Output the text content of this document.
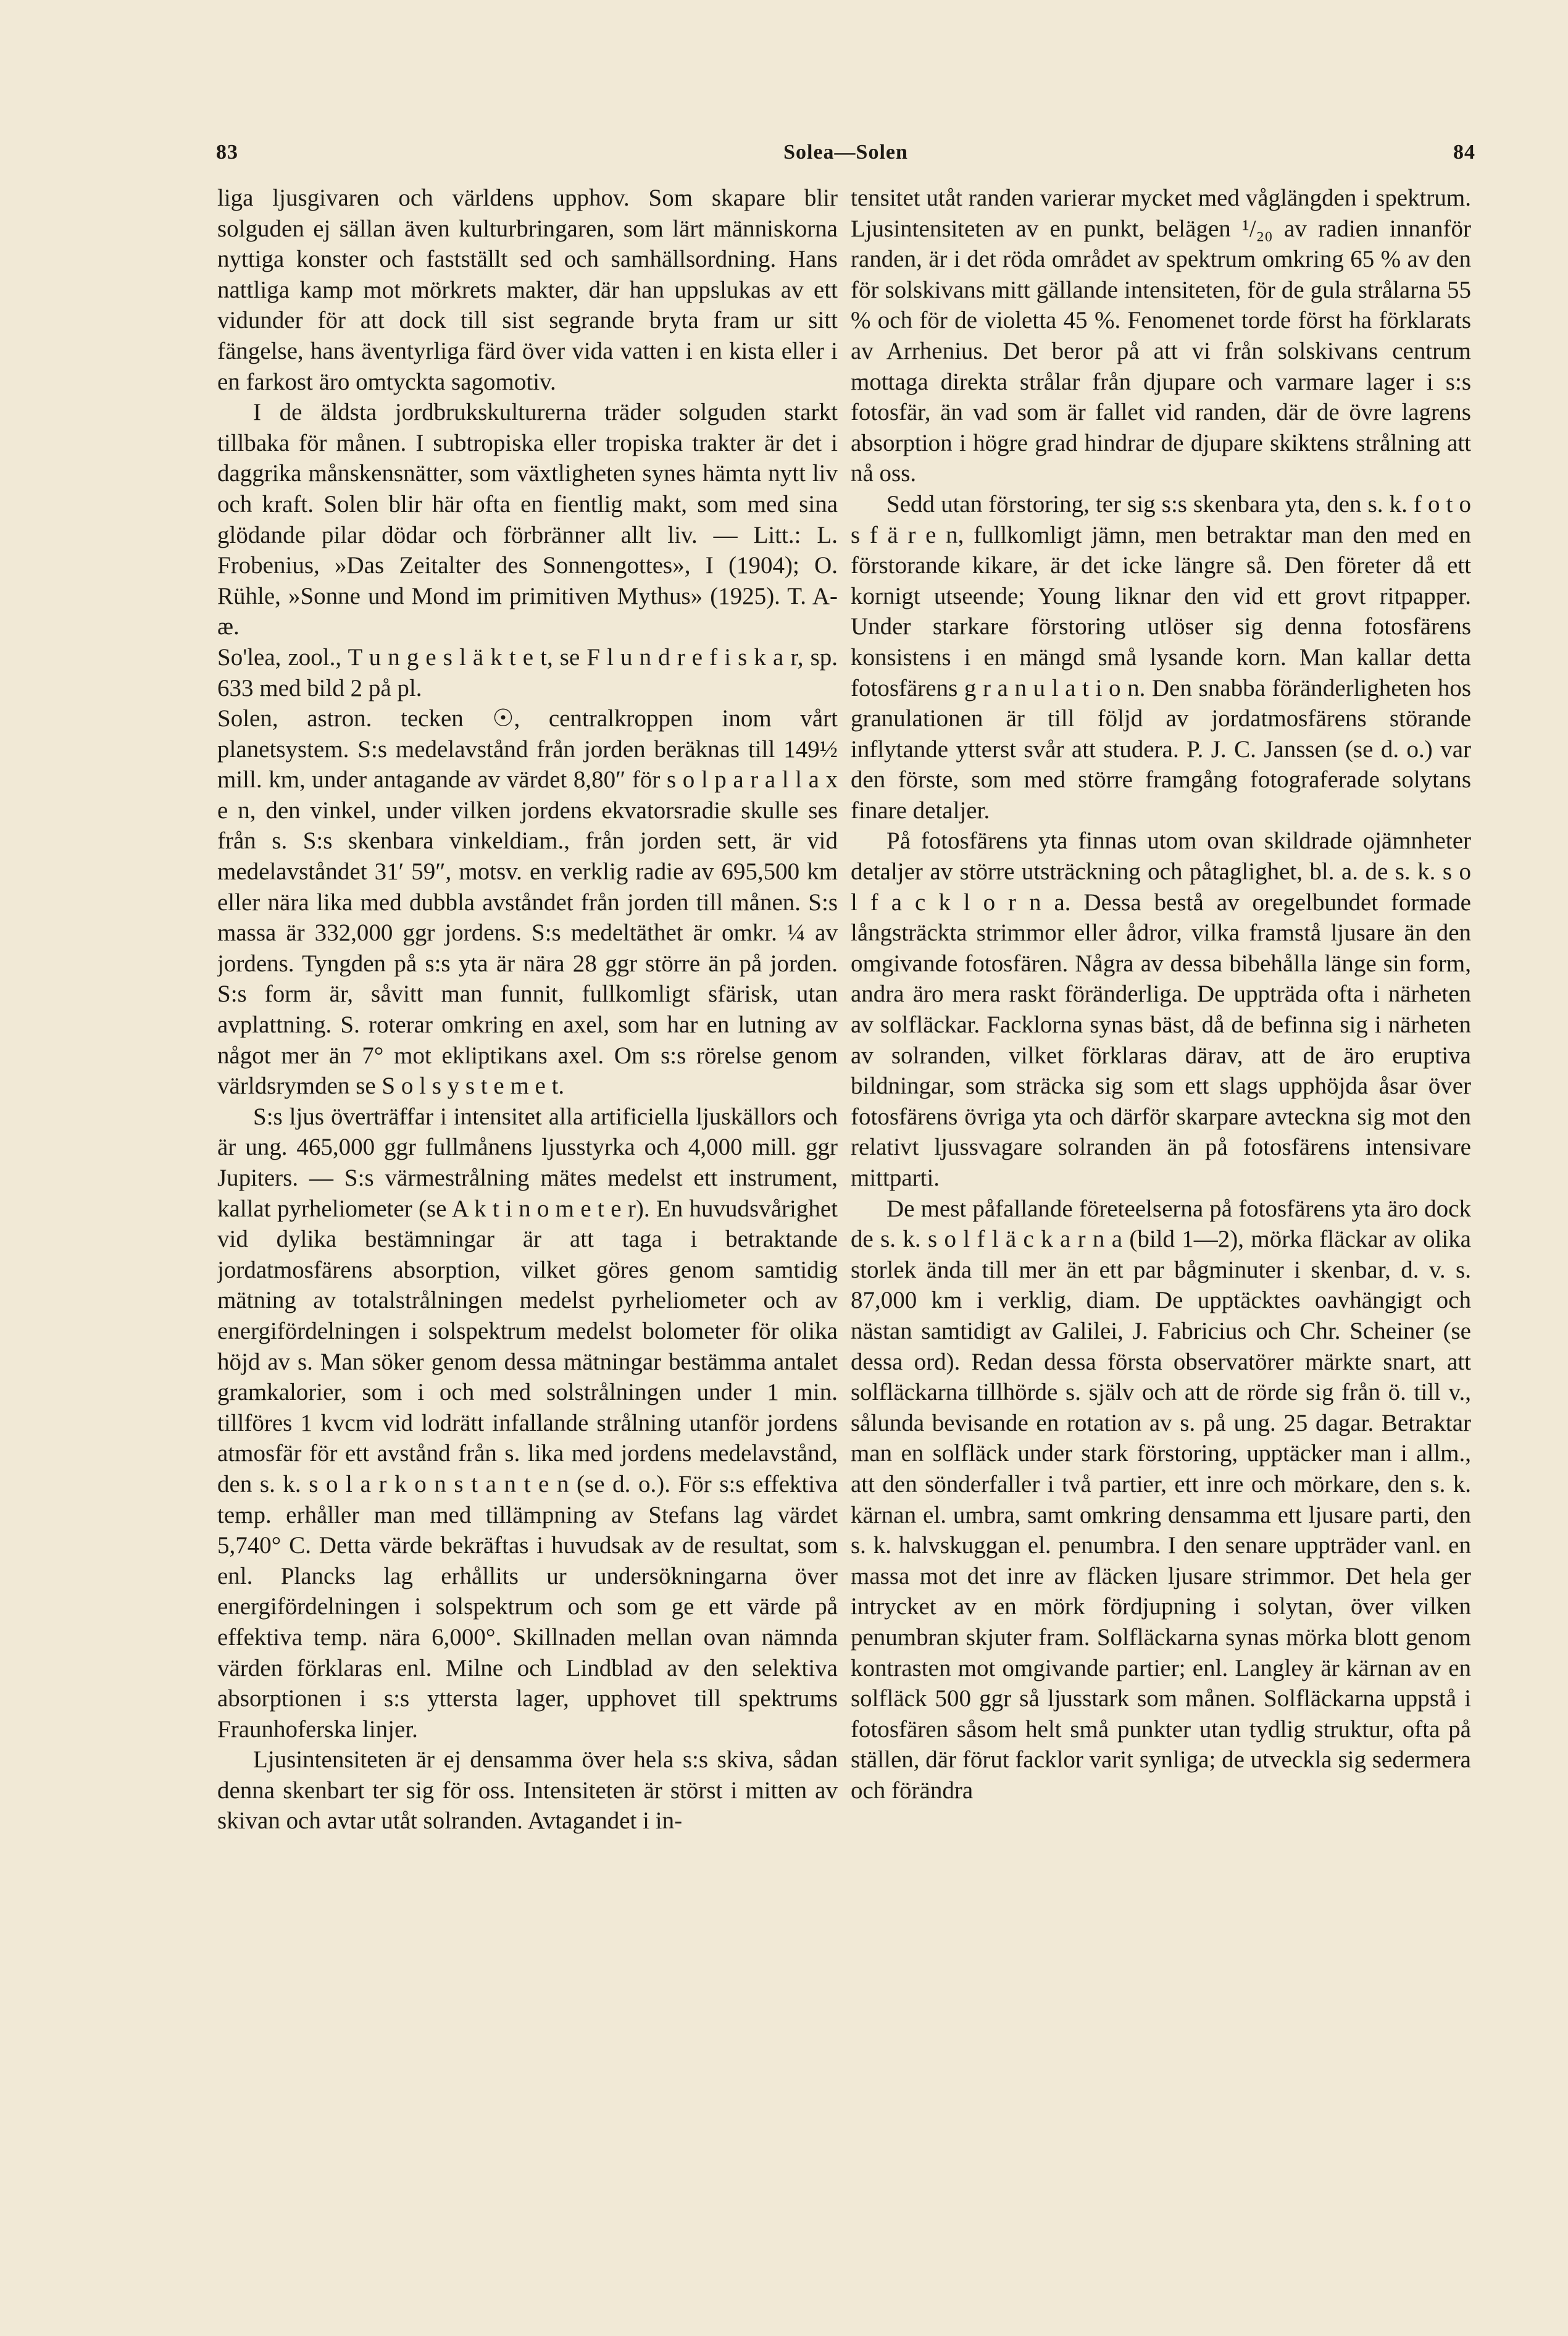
83	Solea—Solen	84

liga ljusgivaren och världens upphov. Som skapare blir solguden ej sällan även kulturbringaren, som lärt människorna nyttiga konster och fastställt sed och samhällsordning. Hans nattliga kamp mot mörkrets makter, där han uppslukas av ett vidunder för att dock till sist segrande bryta fram ur sitt fängelse, hans äventyrliga färd över vida vatten i en kista eller i en farkost äro omtyckta sagomotiv.

I de äldsta jordbrukskulturerna träder solguden starkt tillbaka för månen. I subtropiska eller tropiska trakter är det i daggrika månskensnätter, som växtligheten synes hämta nytt liv och kraft. Solen blir här ofta en fientlig makt, som med sina glödande pilar dödar och förbränner allt liv. — Litt.: L. Frobenius, »Das Zeitalter des Sonnengottes», I (1904); O. Rühle, »Sonne und Mond im primitiven Mythus» (1925). T. A-æ.

So'lea, zool., T u n g e s l ä k t e t, se F l u n d r e f i s k a r, sp. 633 med bild 2 på pl.

Solen, astron. tecken ☉, centralkroppen inom vårt planetsystem. S:s medelavstånd från jorden beräknas till 149½ mill. km, under antagande av värdet 8,80″ för s o l p a r a l l a x e n, den vinkel, under vilken jordens ekvatorsradie skulle ses från s. S:s skenbara vinkeldiam., från jorden sett, är vid medelavståndet 31′ 59″, motsv. en verklig radie av 695,500 km eller nära lika med dubbla avståndet från jorden till månen. S:s massa är 332,000 ggr jordens. S:s medeltäthet är omkr. ¼ av jordens. Tyngden på s:s yta är nära 28 ggr större än på jorden. S:s form är, såvitt man funnit, fullkomligt sfärisk, utan avplattning. S. roterar omkring en axel, som har en lutning av något mer än 7° mot ekliptikans axel. Om s:s rörelse genom världsrymden se S o l s y s t e m e t.

S:s ljus överträffar i intensitet alla artificiella ljuskällors och är ung. 465,000 ggr fullmånens ljusstyrka och 4,000 mill. ggr Jupiters. — S:s värmestrålning mätes medelst ett instrument, kallat pyrheliometer (se A k t i n o m e t e r). En huvudsvårighet vid dylika bestämningar är att taga i betraktande jordatmosfärens absorption, vilket göres genom samtidig mätning av totalstrålningen medelst pyrheliometer och av energifördelningen i solspektrum medelst bolometer för olika höjd av s. Man söker genom dessa mätningar bestämma antalet gramkalorier, som i och med solstrålningen under 1 min. tillföres 1 kvcm vid lodrätt infallande strålning utanför jordens atmosfär för ett avstånd från s. lika med jordens medelavstånd, den s. k. s o l a r k o n s t a n t e n (se d. o.). För s:s effektiva temp. erhåller man med tillämpning av Stefans lag värdet 5,740° C. Detta värde bekräftas i huvudsak av de resultat, som enl. Plancks lag erhållits ur undersökningarna över energifördelningen i solspektrum och som ge ett värde på effektiva temp. nära 6,000°. Skillnaden mellan ovan nämnda värden förklaras enl. Milne och Lindblad av den selektiva absorptionen i s:s yttersta lager, upphovet till spektrums Fraunhoferska linjer.

Ljusintensiteten är ej densamma över hela s:s skiva, sådan denna skenbart ter sig för oss. Intensiteten är störst i mitten av skivan och avtar utåt solranden. Avtagandet i in-

tensitet utåt randen varierar mycket med våglängden i spektrum. Ljusintensiteten av en punkt, belägen ¹/₂₀ av radien innanför randen, är i det röda området av spektrum omkring 65 % av den för solskivans mitt gällande intensiteten, för de gula strålarna 55 % och för de violetta 45 %. Fenomenet torde först ha förklarats av Arrhenius. Det beror på att vi från solskivans centrum mottaga direkta strålar från djupare och varmare lager i s:s fotosfär, än vad som är fallet vid randen, där de övre lagrens absorption i högre grad hindrar de djupare skiktens strålning att nå oss.

Sedd utan förstoring, ter sig s:s skenbara yta, den s. k. f o t o s f ä r e n, fullkomligt jämn, men betraktar man den med en förstorande kikare, är det icke längre så. Den företer då ett kornigt utseende; Young liknar den vid ett grovt ritpapper. Under starkare förstoring utlöser sig denna fotosfärens konsistens i en mängd små lysande korn. Man kallar detta fotosfärens g r a n u l a t i o n. Den snabba föränderligheten hos granulationen är till följd av jordatmosfärens störande inflytande ytterst svår att studera. P. J. C. Janssen (se d. o.) var den förste, som med större framgång fotograferade solytans finare detaljer.

På fotosfärens yta finnas utom ovan skildrade ojämnheter detaljer av större utsträckning och påtaglighet, bl. a. de s. k. s o l f a c k l o r n a. Dessa bestå av oregelbundet formade långsträckta strimmor eller ådror, vilka framstå ljusare än den omgivande fotosfären. Några av dessa bibehålla länge sin form, andra äro mera raskt föränderliga. De uppträda ofta i närheten av solfläckar. Facklorna synas bäst, då de befinna sig i närheten av solranden, vilket förklaras därav, att de äro eruptiva bildningar, som sträcka sig som ett slags upphöjda åsar över fotosfärens övriga yta och därför skarpare avteckna sig mot den relativt ljussvagare solranden än på fotosfärens intensivare mittparti.

De mest påfallande företeelserna på fotosfärens yta äro dock de s. k. s o l f l ä c k a r n a (bild 1—2), mörka fläckar av olika storlek ända till mer än ett par bågminuter i skenbar, d. v. s. 87,000 km i verklig, diam. De upptäcktes oavhängigt och nästan samtidigt av Galilei, J. Fabricius och Chr. Scheiner (se dessa ord). Redan dessa första observatörer märkte snart, att solfläckarna tillhörde s. själv och att de rörde sig från ö. till v., sålunda bevisande en rotation av s. på ung. 25 dagar. Betraktar man en solfläck under stark förstoring, upptäcker man i allm., att den sönderfaller i två partier, ett inre och mörkare, den s. k. kärnan el. umbra, samt omkring densamma ett ljusare parti, den s. k. halvskuggan el. penumbra. I den senare uppträder vanl. en massa mot det inre av fläcken ljusare strimmor. Det hela ger intrycket av en mörk fördjupning i solytan, över vilken penumbran skjuter fram. Solfläckarna synas mörka blott genom kontrasten mot omgivande partier; enl. Langley är kärnan av en solfläck 500 ggr så ljusstark som månen. Solfläckarna uppstå i fotosfären såsom helt små punkter utan tydlig struktur, ofta på ställen, där förut facklor varit synliga; de utveckla sig sedermera och förändra
